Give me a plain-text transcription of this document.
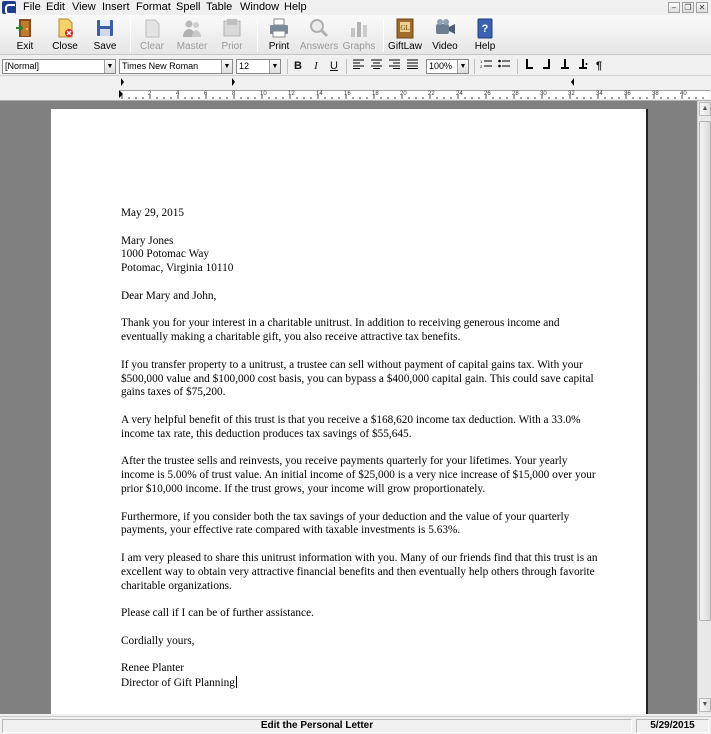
File Edit View Insert Format Spell Table Window Help	–	❐ ✕
Exit	Close	Save	Clear	Master	Prior	Print	Answers Graphs
GL
GiftLaw	Video
?
Help
[Normal]	▼ Times New Roman	▼ 12	▼	B	I	U	100%	▼
1
2	¶
2	4	6	8	10	12	14	16	18	20	22	24	26	28	30	32	34	36	38	40

May 29, 2015

Mary Jones
1000 Potomac Way
Potomac, Virginia 10110

Dear Mary and John,

Thank you for your interest in a charitable unitrust. In addition to receiving generous income and eventually making a charitable gift, you also receive attractive tax benefits.

If you transfer property to a unitrust, a trustee can sell without payment of capital gains tax. With your $500,000 value and $100,000 cost basis, you can bypass a $400,000 capital gain. This could save capital gains taxes of $75,200.

A very helpful benefit of this trust is that you receive a $168,620 income tax deduction. With a 33.0% income tax rate, this deduction produces tax savings of $55,645.

After the trustee sells and reinvests, you receive payments quarterly for your lifetimes. Your yearly income is 5.00% of trust value. An initial income of $25,000 is a very nice increase of $15,000 over your prior $10,000 income. If the trust grows, your income will grow proportionately.

Furthermore, if you consider both the tax savings of your deduction and the value of your quarterly payments, your effective rate compared with taxable investments is 5.63%.

I am very pleased to share this unitrust information with you. Many of our friends find that this trust is an excellent way to obtain very attractive financial benefits and then eventually help others through favorite charitable organizations.

Please call if I can be of further assistance.

Cordially yours,

Renee Planter
Director of Gift Planning

▲
▼
Edit the Personal Letter	5/29/2015
